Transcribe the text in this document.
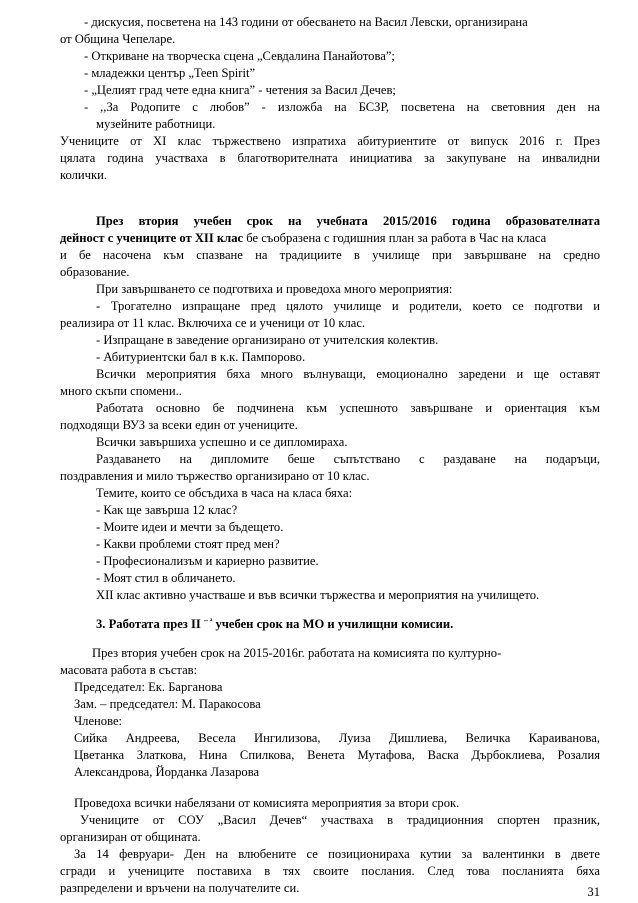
- дискусия, посветена на 143 години от обесването на Васил Левски, организирана
от Община Чепеларе.
- Откриване на творческа сцена „Севдалина Панайотова”;
- младежки център „Teen Spirit”
- „Целият град чете една книга” - четения за Васил Дечев;
- ,,За Родопите с любов” - изложба на БСЗР, посветена на световния ден на
музейните работници.
Учениците от XI клас тържествено изпратиха абитуриентите от випуск 2016 г. През
цялата година участваха в благотворителната инициатива за закупуване на инвалидни
колички.
През втория учебен срок на учебната 2015/2016 година образователната
дейност с учениците от XII клас бе съобразена с годишния план за работа в Час на класа
и бе насочена към спазване на традициите в училище при завършване на средно
образование.
При завършването се подготвиха и проведоха много мероприятия:
- Трогателно изпращане пред цялото училище и родители, което се подготви и
реализира от 11 клас. Включиха се и ученици от 10 клас.
- Изпращане в заведение организирано от учителския колектив.
- Абитуриентски бал в к.к. Пампорово.
Всички мероприятия бяха много вълнуващи, емоционално заредени и ще оставят
много скъпи спомени..
Работата основно бе подчинена към успешното завършване и ориентация към
подходящи ВУЗ за всеки един от учениците.
Всички завършиха успешно и се дипломираха.
Раздаването на дипломите беше съпътствано с раздаване на подаръци,
поздравления и мило тържество организирано от 10 клас.
Темите, които се обсъдиха в часа на класа бяха:
- Как ще завърша 12 клас?
- Моите идеи и мечти за бъдещето.
- Какви проблеми стоят пред мен?
- Професионализъм и кариерно развитие.
- Моят стил в обличането.
XII клас активно участваше и във всички тържества и мероприятия на училището.
3. Работата през II $^{- ᵃ}$ учебен срок на МО и училищни комисии.
През втория учебен срок на 2015-2016г. работата на комисията по културно-
масовата работа в състав:
Председател: Ек. Барганова
Зам. – председател: М. Паракосова
Членове:
Сийка Андреева, Весела Ингилизова, Луиза Дишлиева, Величка Караиванова,
Цветанка Златкова, Нина Спилкова, Венета Мутафова, Васка Дърбоклиева, Розалия
Александрова, Йорданка Лазарова
Проведоха всички набелязани от комисията мероприятия за втори срок.
Учениците от СОУ „Васил Дечев“ участваха в традиционния спортен празник,
организиран от общината.
За 14 февруари- Ден на влюбените се позиционираха кутии за валентинки в двете
сгради и учениците поставиха в тях своите послания. След това посланията бяха
разпределени и връчени на получателите си.	31
